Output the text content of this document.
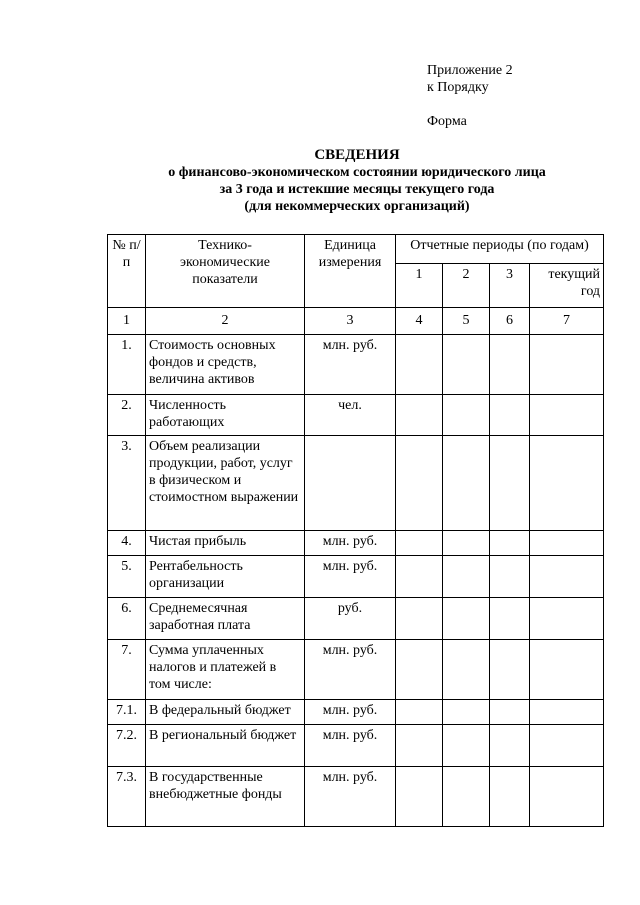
Приложение 2
к Порядку
Форма
СВЕДЕНИЯ
о финансово-экономическом состоянии юридического лица
за 3 года и истекшие месяцы текущего года
(для некоммерческих организаций)
№ п/п	Технико-экономические показатели	Единица измерения	Отчетные периоды (по годам)			
			1	2	3	текущий год
1	2	3	4	5	6	7
1.	Стоимость основных фондов и средств, величина активов	млн. руб.				
2.	Численность работающих	чел.				
3.	Объем реализации продукции, работ, услуг в физическом и стоимостном выражении					
4.	Чистая прибыль	млн. руб.				
5.	Рентабельность организации	млн. руб.				
6.	Среднемесячная заработная плата	руб.				
7.	Сумма уплаченных налогов и платежей в том числе:	млн. руб.				
7.1.	В федеральный бюджет	млн. руб.				
7.2.	В региональный бюджет	млн. руб.				
7.3.	В государственные внебюджетные фонды	млн. руб.				
